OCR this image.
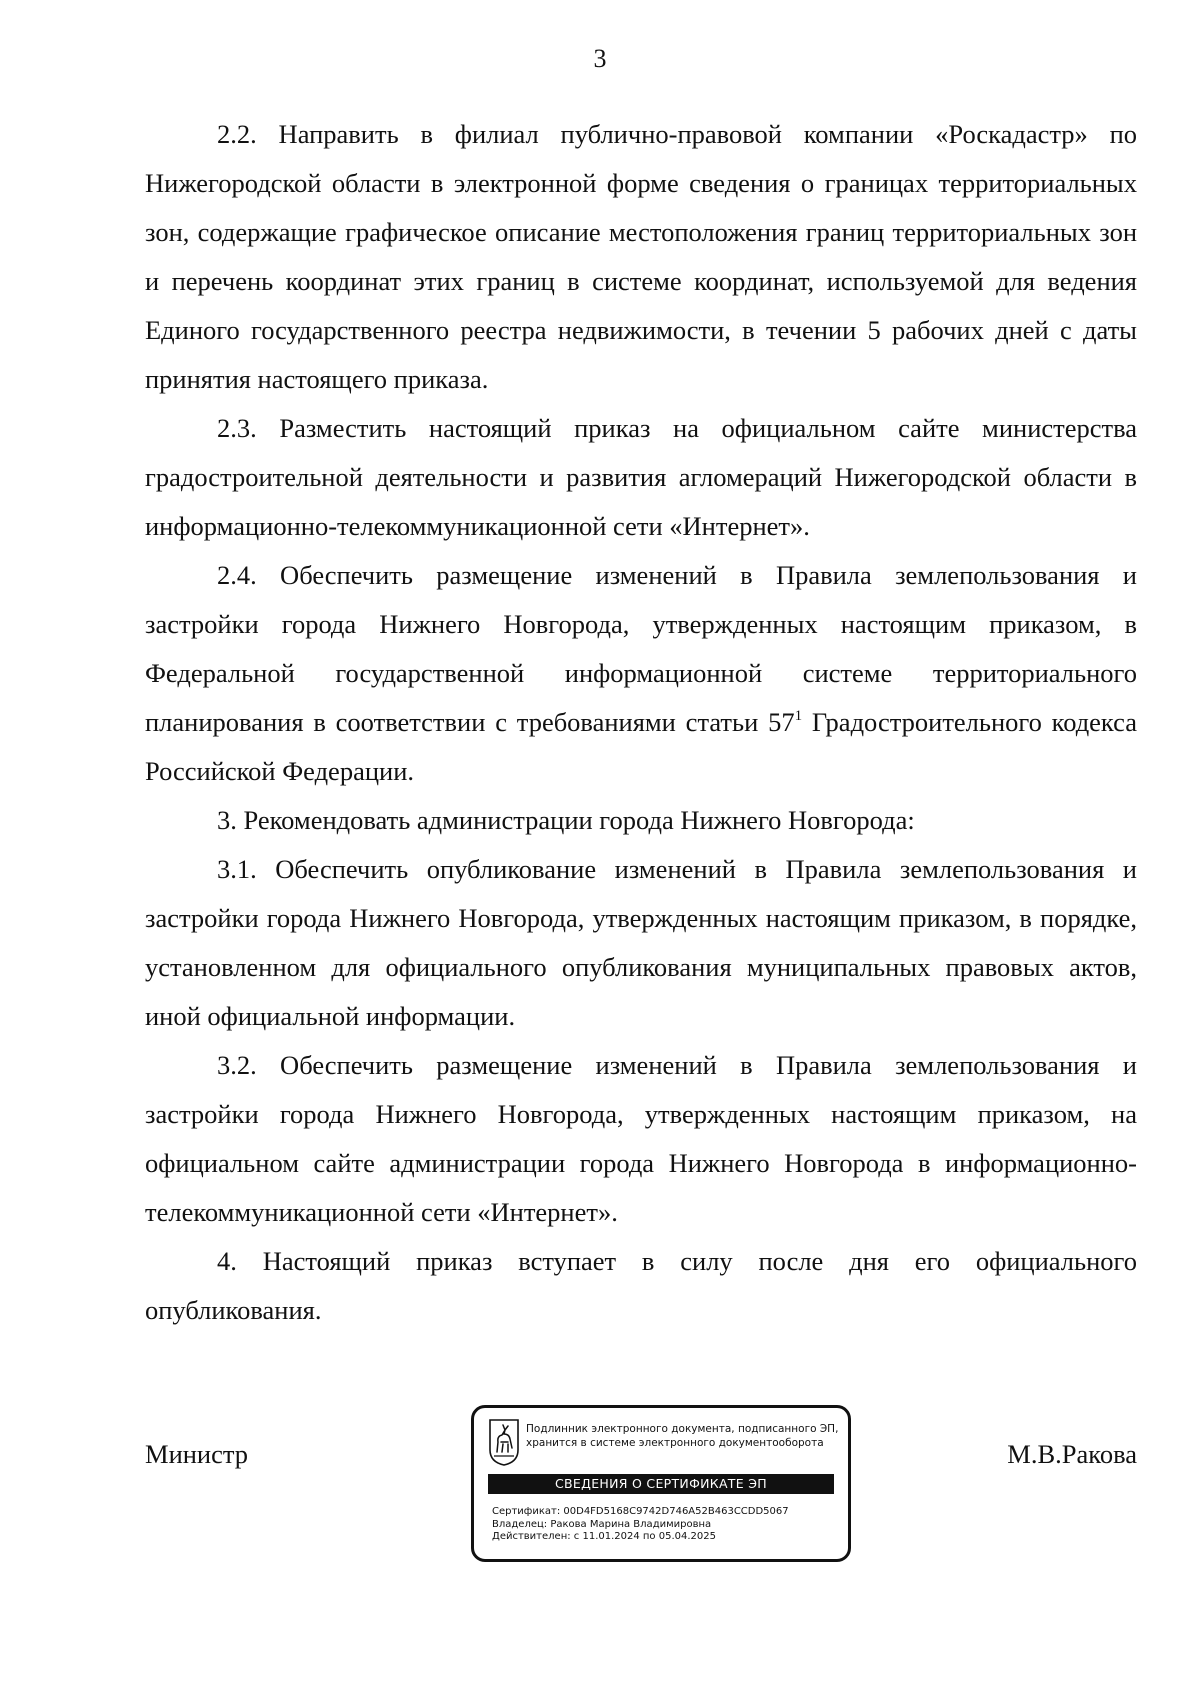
3

2.2. Направить в филиал публично-правовой компании «Роскадастр» по Нижегородской области в электронной форме сведения о границах территориальных зон, содержащие графическое описание местоположения границ территориальных зон и перечень координат этих границ в системе координат, используемой для ведения Единого государственного реестра недвижимости, в течении 5 рабочих дней с даты принятия настоящего приказа.

2.3. Разместить настоящий приказ на официальном сайте министерства градостроительной деятельности и развития агломераций Нижегородской области в информационно-телекоммуникационной сети «Интернет».

2.4. Обеспечить размещение изменений в Правила землепользования и застройки города Нижнего Новгорода, утвержденных настоящим приказом, в Федеральной государственной информационной системе территориального планирования в соответствии с требованиями статьи $57^1$ Градостроительного кодекса Российской Федерации.

3. Рекомендовать администрации города Нижнего Новгорода:

3.1. Обеспечить опубликование изменений в Правила землепользования и застройки города Нижнего Новгорода, утвержденных настоящим приказом, в порядке, установленном для официального опубликования муниципальных правовых актов, иной официальной информации.

3.2. Обеспечить размещение изменений в Правила землепользования и застройки города Нижнего Новгорода, утвержденных настоящим приказом, на официальном сайте администрации города Нижнего Новгорода в информационно-телекоммуникационной сети «Интернет».

4. Настоящий приказ вступает в силу после дня его официального опубликования.

Министр
Подлинник электронного документа, подписанного ЭП,
хранится в системе электронного документооборота
СВЕДЕНИЯ О СЕРТИФИКАТЕ ЭП
Сертификат: 00D4FD5168C9742D746A52B463CCDD5067
Владелец: Ракова Марина Владимировна
Действителен: с 11.01.2024 по 05.04.2025
М.В.Ракова
